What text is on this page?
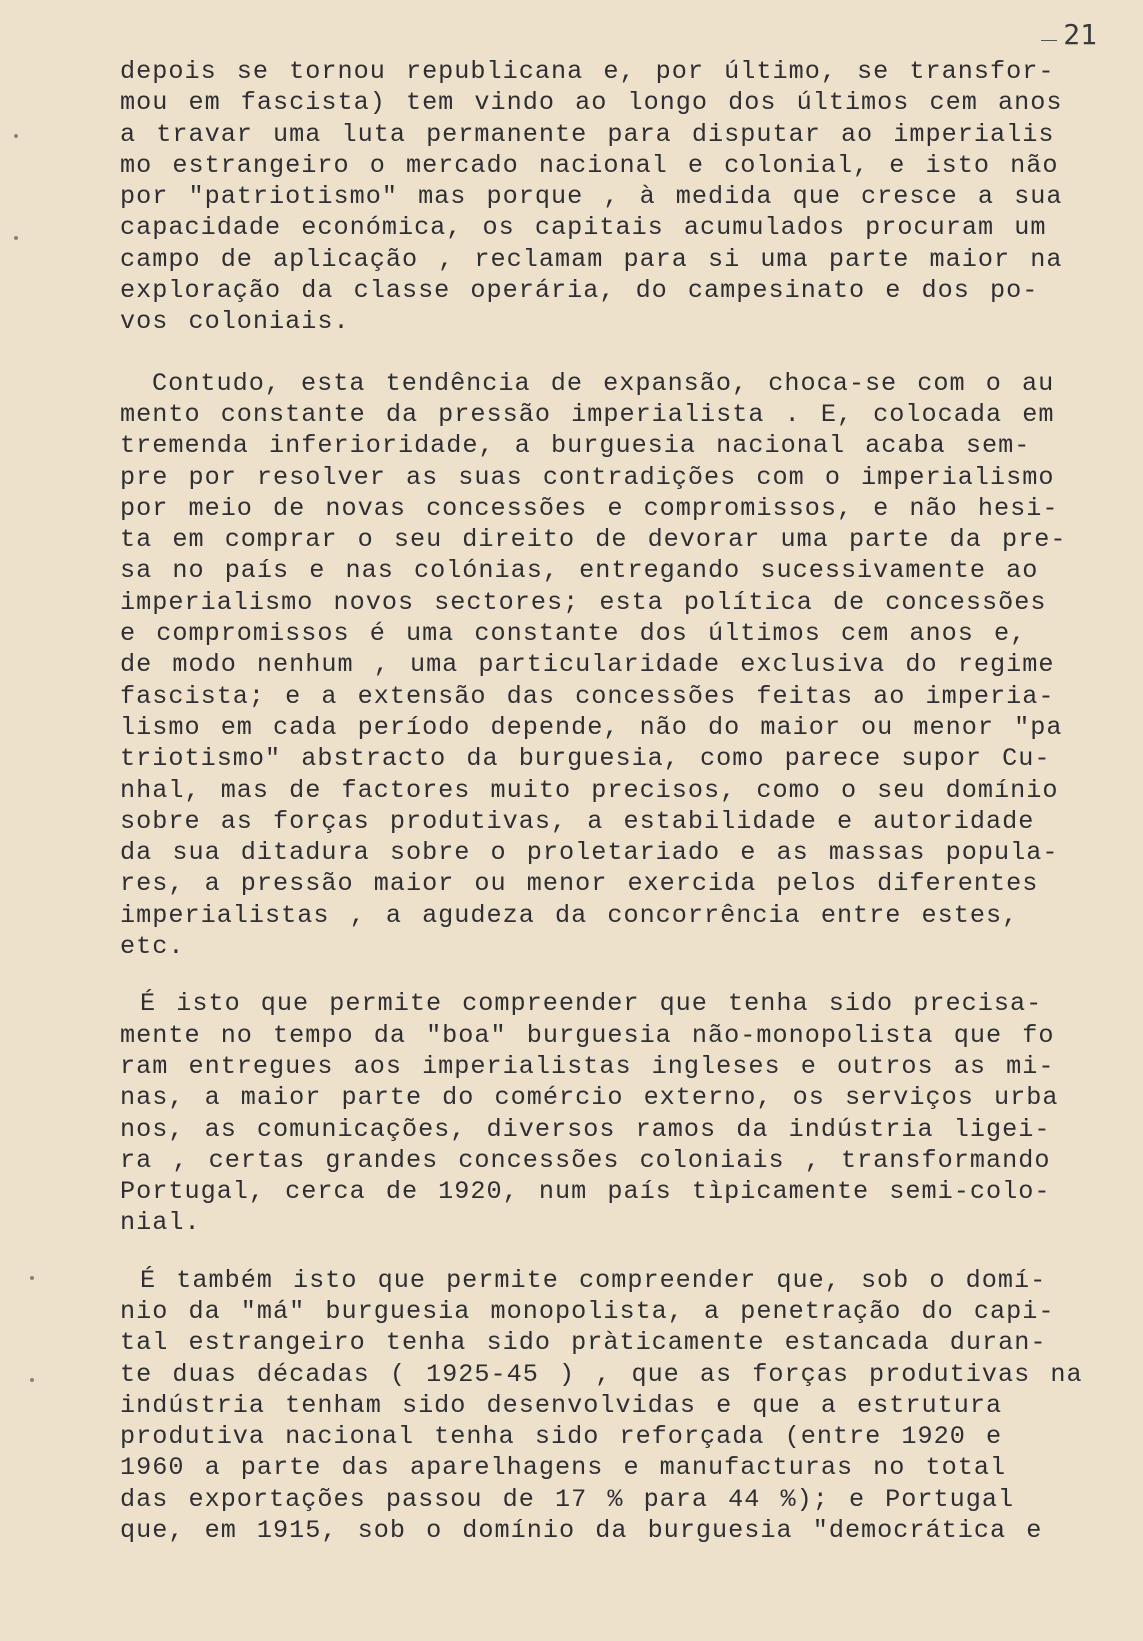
21
depois se tornou republicana e, por último, se transfor-
mou em fascista) tem vindo ao longo dos últimos cem anos
a travar uma luta permanente para disputar ao imperialis
mo estrangeiro o mercado nacional e colonial, e isto não
por "patriotismo" mas porque , à medida que cresce a sua
capacidade económica, os capitais acumulados procuram um
campo de aplicação , reclamam para si uma parte maior na
exploração da classe operária, do campesinato e dos po-
vos coloniais.
Contudo, esta tendência de expansão, choca-se com o au
mento constante da pressão imperialista . E, colocada em
tremenda inferioridade, a burguesia nacional acaba sem-
pre por resolver as suas contradições com o imperialismo
por meio de novas concessões e compromissos, e não hesi-
ta em comprar o seu direito de devorar uma parte da pre-
sa no país e nas colónias, entregando sucessivamente ao
imperialismo novos sectores; esta política de concessões
e compromissos é uma constante dos últimos cem anos e,
de modo nenhum , uma particularidade exclusiva do regime
fascista; e a extensão das concessões feitas ao imperia-
lismo em cada período depende, não do maior ou menor "pa
triotismo" abstracto da burguesia, como parece supor Cu-
nhal, mas de factores muito precisos, como o seu domínio
sobre as forças produtivas, a estabilidade e autoridade
da sua ditadura sobre o proletariado e as massas popula-
res, a pressão maior ou menor exercida pelos diferentes
imperialistas , a agudeza da concorrência entre estes,
etc.
É isto que permite compreender que tenha sido precisa-
mente no tempo da "boa" burguesia não-monopolista que fo
ram entregues aos imperialistas ingleses e outros as mi-
nas, a maior parte do comércio externo, os serviços urba
nos, as comunicações, diversos ramos da indústria ligei-
ra , certas grandes concessões coloniais , transformando
Portugal, cerca de 1920, num país tìpicamente semi-colo-
nial.
É também isto que permite compreender que, sob o domí-
nio da "má" burguesia monopolista, a penetração do capi-
tal estrangeiro tenha sido pràticamente estancada duran-
te duas décadas ( 1925-45 ) , que as forças produtivas na
indústria tenham sido desenvolvidas e que a estrutura
produtiva nacional tenha sido reforçada (entre 1920 e
1960 a parte das aparelhagens e manufacturas no total
das exportações passou de 17 % para 44 %); e Portugal
que, em 1915, sob o domínio da burguesia "democrática e
